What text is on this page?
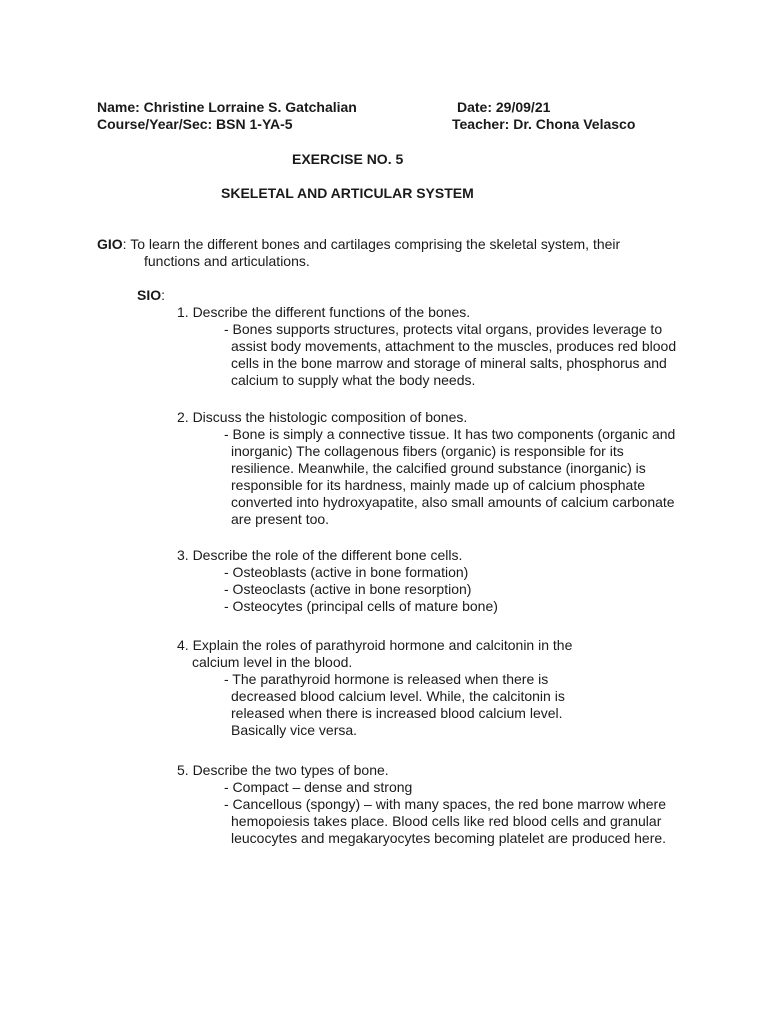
Name: Christine Lorraine S. Gatchalian	Date: 29/09/21
Course/Year/Sec: BSN 1-YA-5	Teacher: Dr. Chona Velasco
EXERCISE NO. 5
SKELETAL AND ARTICULAR SYSTEM
GIO: To learn the different bones and cartilages comprising the skeletal system, their
functions and articulations.
SIO:
1. Describe the different functions of the bones.
- Bones supports structures, protects vital organs, provides leverage to
assist body movements, attachment to the muscles, produces red blood
cells in the bone marrow and storage of mineral salts, phosphorus and
calcium to supply what the body needs.
2. Discuss the histologic composition of bones.
- Bone is simply a connective tissue. It has two components (organic and
inorganic) The collagenous fibers (organic) is responsible for its
resilience. Meanwhile, the calcified ground substance (inorganic) is
responsible for its hardness, mainly made up of calcium phosphate
converted into hydroxyapatite, also small amounts of calcium carbonate
are present too.
3. Describe the role of the different bone cells.
- Osteoblasts (active in bone formation)
- Osteoclasts (active in bone resorption)
- Osteocytes (principal cells of mature bone)
4. Explain the roles of parathyroid hormone and calcitonin in the
calcium level in the blood.
- The parathyroid hormone is released when there is
decreased blood calcium level. While, the calcitonin is
released when there is increased blood calcium level.
Basically vice versa.
5. Describe the two types of bone.
- Compact – dense and strong
- Cancellous (spongy) – with many spaces, the red bone marrow where
hemopoiesis takes place. Blood cells like red blood cells and granular
leucocytes and megakaryocytes becoming platelet are produced here.
